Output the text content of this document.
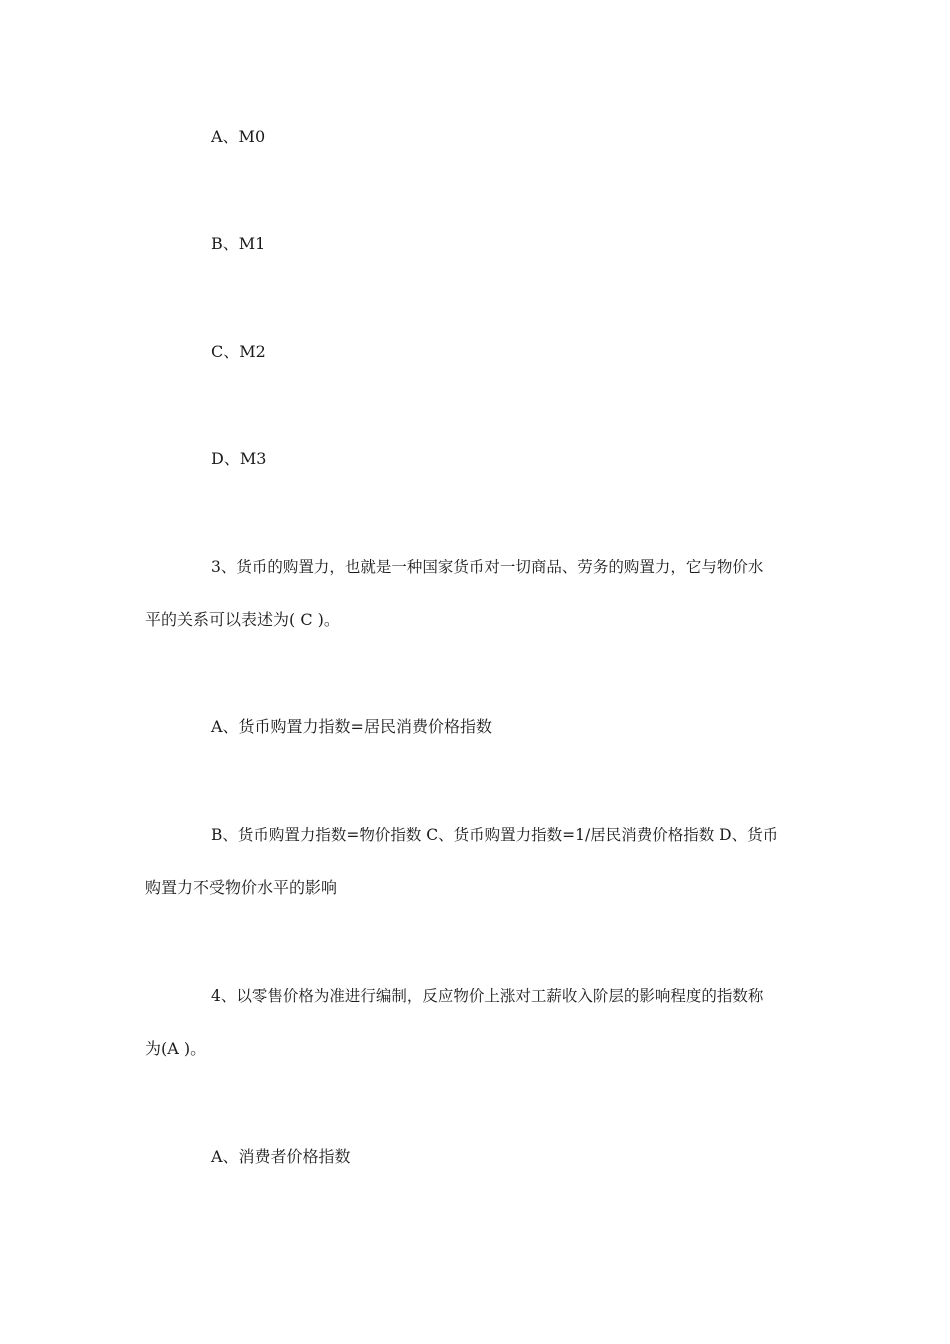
A、M0
B、M1
C、M2
D、M3
3、货币的购置力，也就是一种国家货币对一切商品、劳务的购置力，它与物价水
平的关系可以表述为( C )。
A、货币购置力指数=居民消费价格指数
B、货币购置力指数=物价指数 C、货币购置力指数=1/居民消费价格指数 D、货币
购置力不受物价水平的影响
4、以零售价格为准进行编制，反应物价上涨对工薪收入阶层的影响程度的指数称
为(A )。
A、消费者价格指数
